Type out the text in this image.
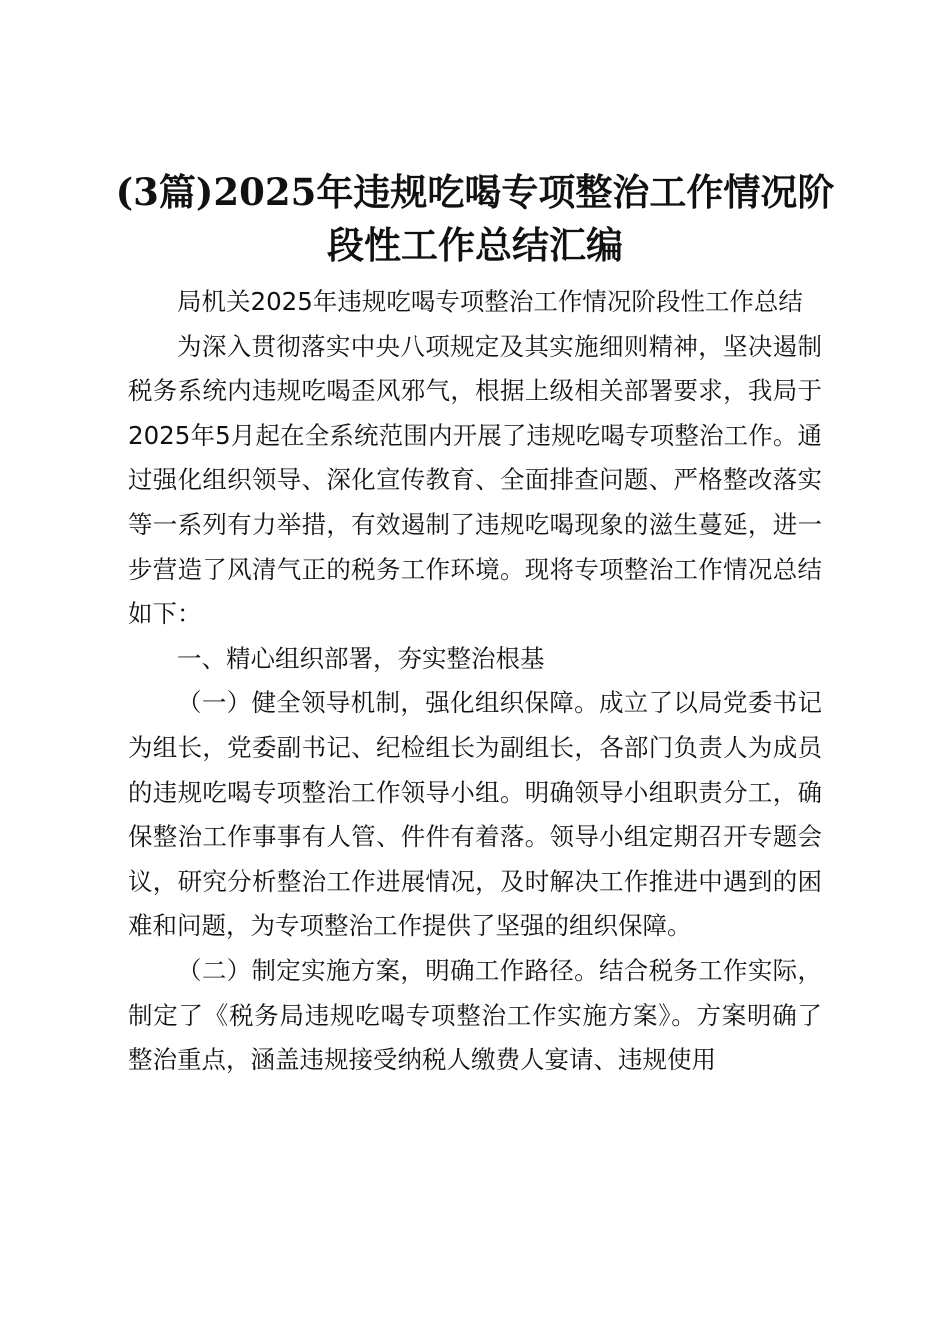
(3篇)2025年违规吃喝专项整治工作情况阶段性工作总结汇编

局机关2025年违规吃喝专项整治工作情况阶段性工作总结

为深入贯彻落实中央八项规定及其实施细则精神，坚决遏制税务系统内违规吃喝歪风邪气，根据上级相关部署要求，我局于2025年5月起在全系统范围内开展了违规吃喝专项整治工作。通过强化组织领导、深化宣传教育、全面排查问题、严格整改落实等一系列有力举措，有效遏制了违规吃喝现象的滋生蔓延，进一步营造了风清气正的税务工作环境。现将专项整治工作情况总结如下：

一、精心组织部署，夯实整治根基

（一）健全领导机制，强化组织保障。成立了以局党委书记为组长，党委副书记、纪检组长为副组长，各部门负责人为成员的违规吃喝专项整治工作领导小组。明确领导小组职责分工，确保整治工作事事有人管、件件有着落。领导小组定期召开专题会议，研究分析整治工作进展情况，及时解决工作推进中遇到的困难和问题，为专项整治工作提供了坚强的组织保障。

（二）制定实施方案，明确工作路径。结合税务工作实际，制定了《税务局违规吃喝专项整治工作实施方案》。方案明确了整治重点，涵盖违规接受纳税人缴费人宴请、违规使用
